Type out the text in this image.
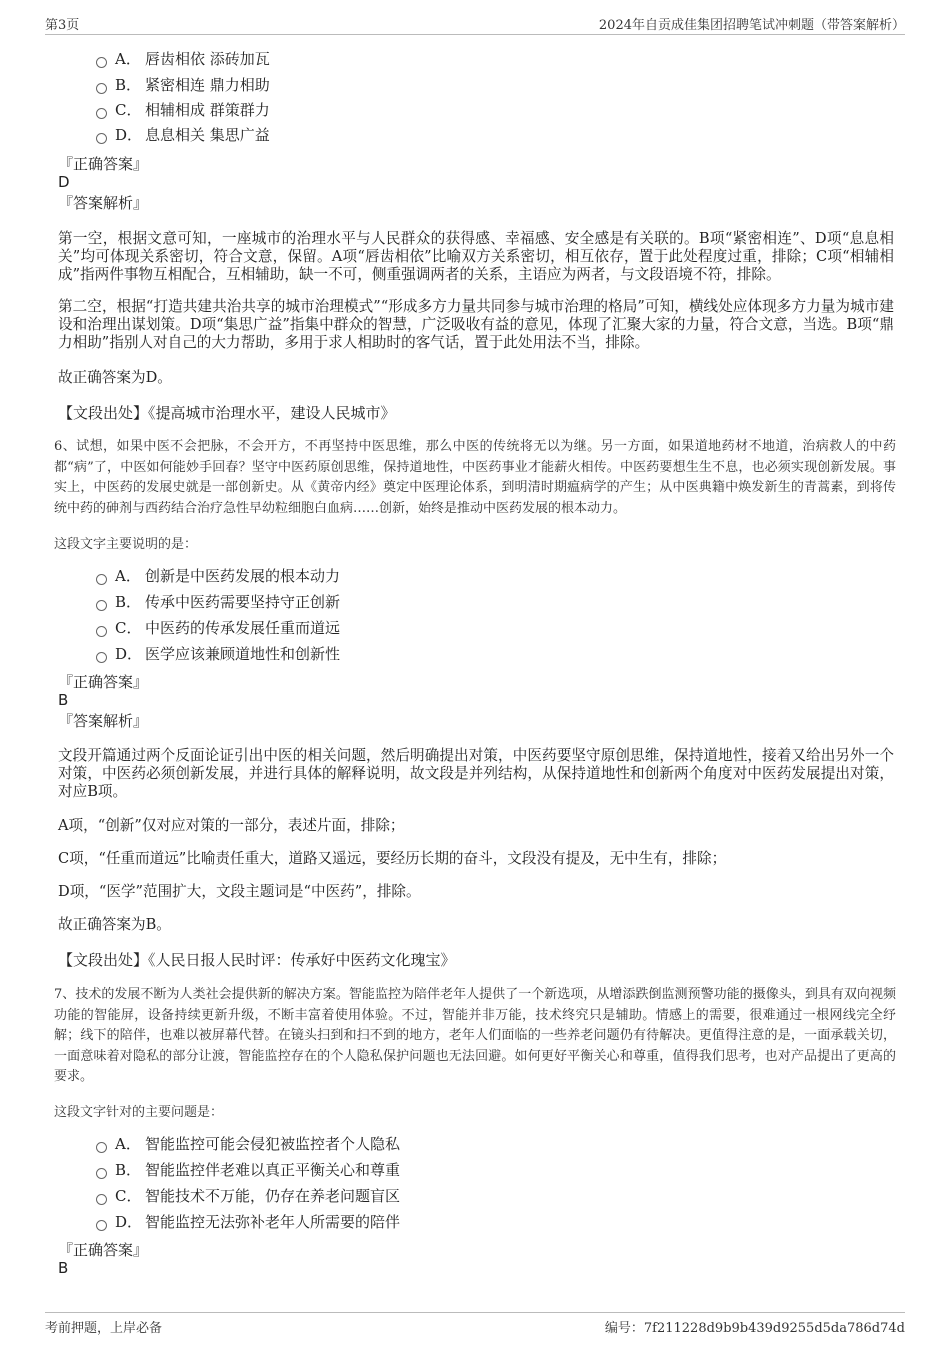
第3页	2024年自贡成佳集团招聘笔试冲刺题（带答案解析）
A． 唇齿相依 添砖加瓦
B． 紧密相连 鼎力相助
C． 相辅相成 群策群力
D． 息息相关 集思广益
『正确答案』
D
『答案解析』
第一空，根据文意可知，一座城市的治理水平与人民群众的获得感、幸福感、安全感是有关联的。B项“紧密相连”、D项“息息相关”均可体现关系密切，符合文意，保留。A项“唇齿相依”比喻双方关系密切，相互依存，置于此处程度过重，排除；C项“相辅相成”指两件事物互相配合，互相辅助，缺一不可，侧重强调两者的关系，主语应为两者，与文段语境不符，排除。
第二空，根据“打造共建共治共享的城市治理模式”“形成多方力量共同参与城市治理的格局”可知，横线处应体现多方力量为城市建设和治理出谋划策。D项“集思广益”指集中群众的智慧，广泛吸收有益的意见，体现了汇聚大家的力量，符合文意，当选。B项“鼎力相助”指别人对自己的大力帮助，多用于求人相助时的客气话，置于此处用法不当，排除。
故正确答案为D。
【文段出处】《提高城市治理水平，建设人民城市》
6、试想，如果中医不会把脉，不会开方，不再坚持中医思维，那么中医的传统将无以为继。另一方面，如果道地药材不地道，治病救人的中药都“病”了，中医如何能妙手回春？坚守中医药原创思维，保持道地性，中医药事业才能薪火相传。中医药要想生生不息，也必须实现创新发展。事实上，中医药的发展史就是一部创新史。从《黄帝内经》奠定中医理论体系，到明清时期瘟病学的产生；从中医典籍中焕发新生的青蒿素，到将传统中药的砷剂与西药结合治疗急性早幼粒细胞白血病……创新，始终是推动中医药发展的根本动力。
这段文字主要说明的是：
A． 创新是中医药发展的根本动力
B． 传承中医药需要坚持守正创新
C． 中医药的传承发展任重而道远
D． 医学应该兼顾道地性和创新性
『正确答案』
B
『答案解析』
文段开篇通过两个反面论证引出中医的相关问题，然后明确提出对策，中医药要坚守原创思维，保持道地性，接着又给出另外一个对策，中医药必须创新发展，并进行具体的解释说明，故文段是并列结构，从保持道地性和创新两个角度对中医药发展提出对策，对应B项。
A项，“创新”仅对应对策的一部分，表述片面，排除；
C项，“任重而道远”比喻责任重大，道路又遥远，要经历长期的奋斗，文段没有提及，无中生有，排除；
D项，“医学”范围扩大，文段主题词是“中医药”，排除。
故正确答案为B。
【文段出处】《人民日报人民时评：传承好中医药文化瑰宝》
7、技术的发展不断为人类社会提供新的解决方案。智能监控为陪伴老年人提供了一个新选项，从增添跌倒监测预警功能的摄像头，到具有双向视频功能的智能屏，设备持续更新升级，不断丰富着使用体验。不过，智能并非万能，技术终究只是辅助。情感上的需要，很难通过一根网线完全纾解；线下的陪伴，也难以被屏幕代替。在镜头扫到和扫不到的地方，老年人们面临的一些养老问题仍有待解决。更值得注意的是，一面承载关切，一面意味着对隐私的部分让渡，智能监控存在的个人隐私保护问题也无法回避。如何更好平衡关心和尊重，值得我们思考，也对产品提出了更高的要求。
这段文字针对的主要问题是：
A． 智能监控可能会侵犯被监控者个人隐私
B． 智能监控伴老难以真正平衡关心和尊重
C． 智能技术不万能，仍存在养老问题盲区
D． 智能监控无法弥补老年人所需要的陪伴
『正确答案』
B
考前押题，上岸必备	编号：7f211228d9b9b439d9255d5da786d74d
